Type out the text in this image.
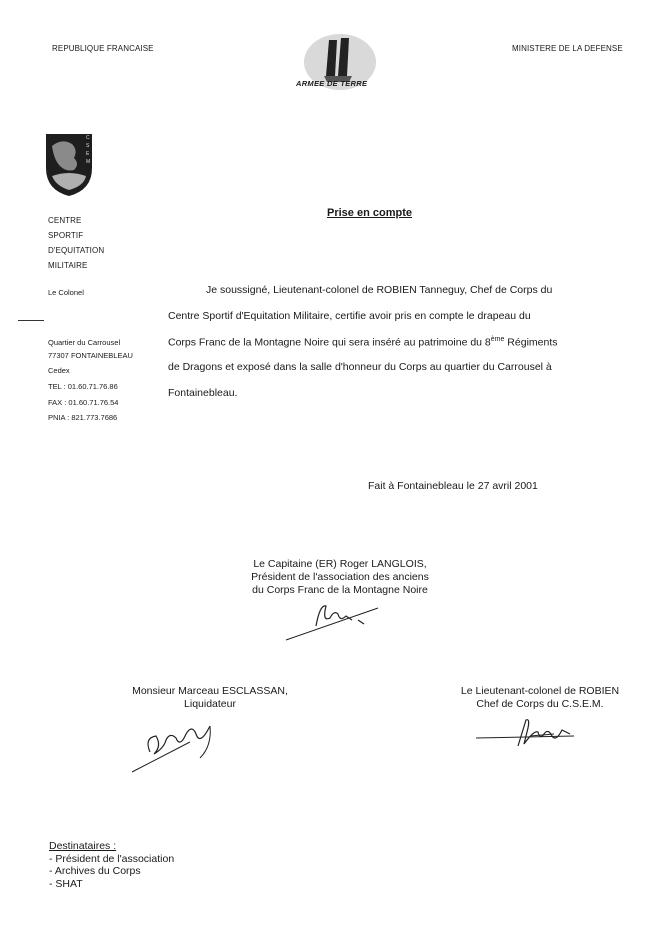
REPUBLIQUE FRANCAISE	MINISTERE DE LA DEFENSE
ARMEE DE TERRE
CSEM
CENTRE
SPORTIF
D'EQUITATION
MILITAIRE
Le Colonel
Quartier du Carrousel
77307 FONTAINEBLEAU
Cedex
TEL : 01.60.71.76.86
FAX : 01.60.71.76.54
PNIA : 821.773.7686
Prise en compte
Je soussigné, Lieutenant-colonel de ROBIEN Tanneguy, Chef de Corps du
Centre Sportif d'Equitation Militaire, certifie avoir pris en compte le drapeau du
Corps Franc de la Montagne Noire qui sera inséré au patrimoine du 8ème Régiments
de Dragons et exposé dans la salle d'honneur du Corps au quartier du Carrousel à
Fontainebleau.
Fait à Fontainebleau le 27 avril 2001
Le Capitaine (ER) Roger LANGLOIS,
Président de l'association des anciens
du Corps Franc de la Montagne Noire
Monsieur Marceau ESCLASSAN,
Liquidateur
Le Lieutenant-colonel de ROBIEN
Chef de Corps du C.S.E.M.
Destinataires :
- Président de l'association
- Archives du Corps
- SHAT
